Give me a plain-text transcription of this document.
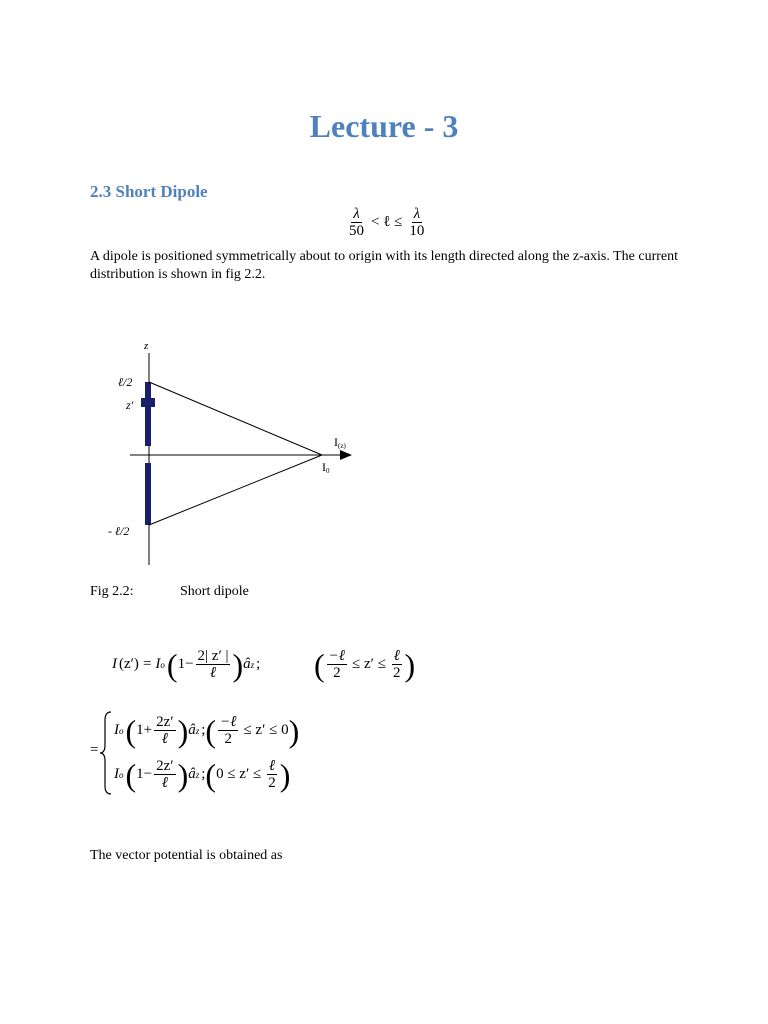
Lecture - 3
2.3 Short Dipole
$\frac{\lambda}{50}$ < ℓ ≤ $\frac{\lambda}{10}$
A dipole is positioned symmetrically about to origin with its length directed along the z-axis. The current distribution is shown in fig 2.2.
z
ℓ/2
z'
- ℓ/2
I(z)
I0
Fig 2.2:	Short dipole
I (z′) = I o ( $1- \frac{2| z' |}{\text{ℓ}}$ ) â z ; ( $\frac{\text{−ℓ}}{2} \le z' \le \frac{\text{ℓ}}{2}$ )
=
I o ( $1+ \frac{2z'}{\text{ℓ}}$ ) â z ; ( $\frac{\text{−ℓ}}{2} \le z' \le 0$ )
I o ( $1- \frac{2z'}{\text{ℓ}}$ ) â z ; ( $0 \le z' \le \frac{\text{ℓ}}{2}$ )
The vector potential is obtained as
